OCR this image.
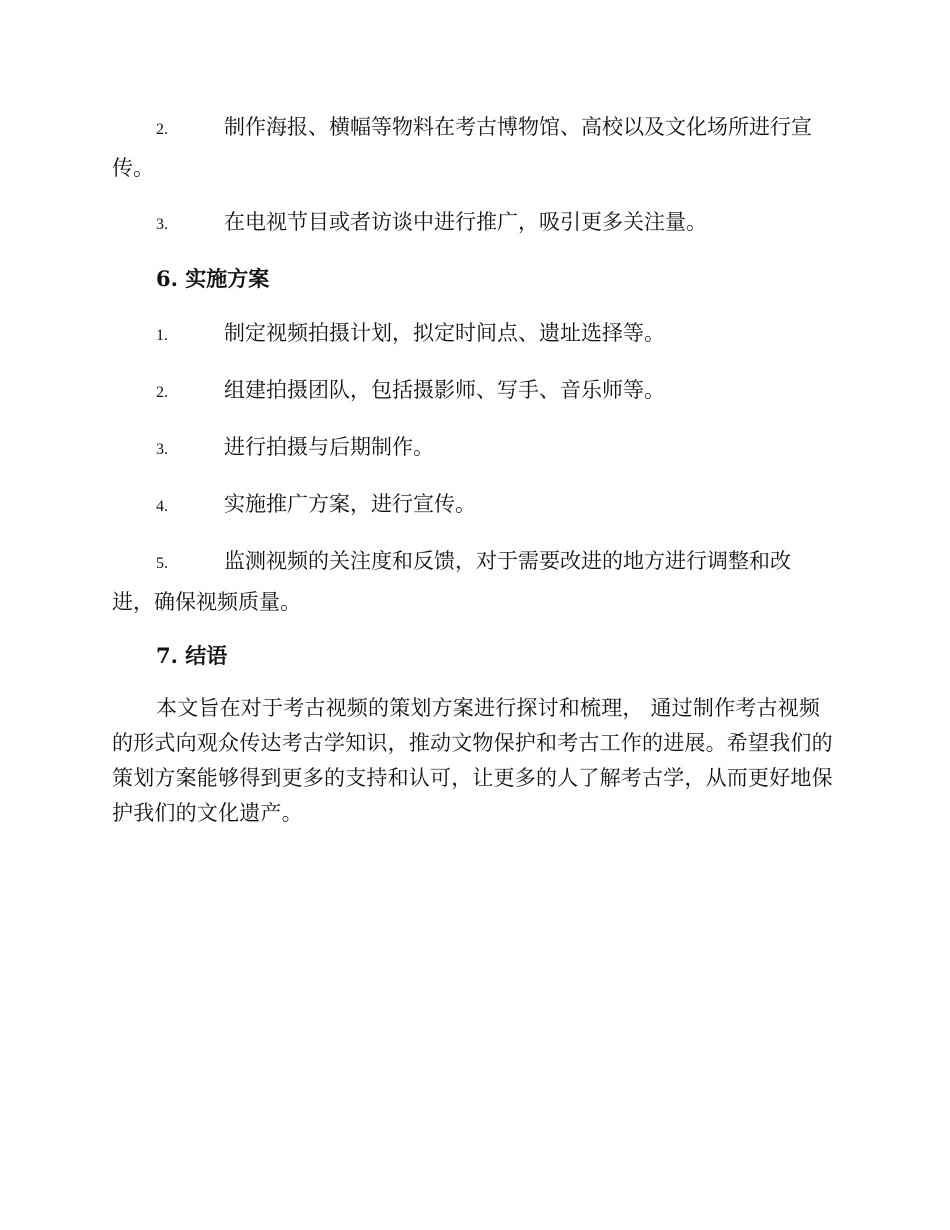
2.	制作海报、横幅等物料在考古博物馆、高校以及文化场所进行宣
传。
3.	在电视节目或者访谈中进行推广，吸引更多关注量。
6. 实施方案
1.	制定视频拍摄计划，拟定时间点、遗址选择等。
2.	组建拍摄团队，包括摄影师、写手、音乐师等。
3.	进行拍摄与后期制作。
4.	实施推广方案，进行宣传。
5.	监测视频的关注度和反馈，对于需要改进的地方进行调整和改
进，确保视频质量。
7. 结语

本文旨在对于考古视频的策划方案进行探讨和梳理， 通过制作考古视频的形式向观众传达考古学知识，推动文物保护和考古工作的进展。希望我们的策划方案能够得到更多的支持和认可，让更多的人了解考古学，从而更好地保护我们的文化遗产。
